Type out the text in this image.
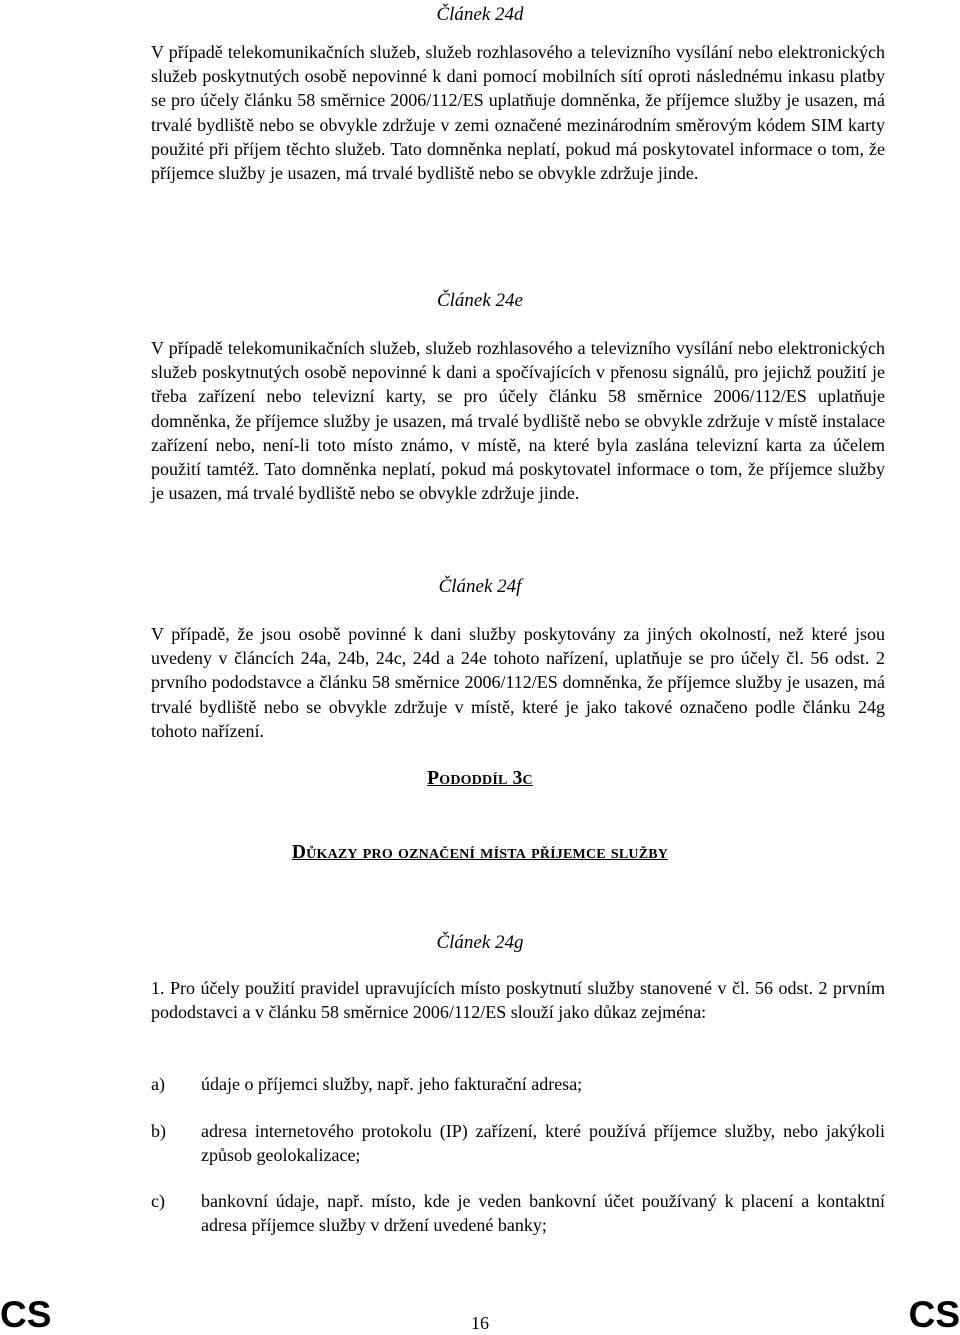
Článek 24d

V případě telekomunikačních služeb, služeb rozhlasového a televizního vysílání nebo elektronických služeb poskytnutých osobě nepovinné k dani pomocí mobilních sítí oproti následnému inkasu platby se pro účely článku 58 směrnice 2006/112/ES uplatňuje domněnka, že příjemce služby je usazen, má trvalé bydliště nebo se obvykle zdržuje v zemi označené mezinárodním směrovým kódem SIM karty použité při příjem těchto služeb. Tato domněnka neplatí, pokud má poskytovatel informace o tom, že příjemce služby je usazen, má trvalé bydliště nebo se obvykle zdržuje jinde.

Článek 24e

V případě telekomunikačních služeb, služeb rozhlasového a televizního vysílání nebo elektronických služeb poskytnutých osobě nepovinné k dani a spočívajících v přenosu signálů, pro jejichž použití je třeba zařízení nebo televizní karty, se pro účely článku 58 směrnice 2006/112/ES uplatňuje domněnka, že příjemce služby je usazen, má trvalé bydliště nebo se obvykle zdržuje v místě instalace zařízení nebo, není-li toto místo známo, v místě, na které byla zaslána televizní karta za účelem použití tamtéž. Tato domněnka neplatí, pokud má poskytovatel informace o tom, že příjemce služby je usazen, má trvalé bydliště nebo se obvykle zdržuje jinde.

Článek 24f

V případě, že jsou osobě povinné k dani služby poskytovány za jiných okolností, než které jsou uvedeny v článcích 24a, 24b, 24c, 24d a 24e tohoto nařízení, uplatňuje se pro účely čl. 56 odst. 2 prvního pododstavce a článku 58 směrnice 2006/112/ES domněnka, že příjemce služby je usazen, má trvalé bydliště nebo se obvykle zdržuje v místě, které je jako takové označeno podle článku 24g tohoto nařízení.

Pododdíl 3c
Důkazy pro označení místa příjemce služby
Článek 24g

1. Pro účely použití pravidel upravujících místo poskytnutí služby stanovené v čl. 56 odst. 2 prvním pododstavci a v článku 58 směrnice 2006/112/ES slouží jako důkaz zejména:

a) údaje o příjemci služby, např. jeho fakturační adresa;
b) adresa internetového protokolu (IP) zařízení, které používá příjemce služby, nebo jakýkoli způsob geolokalizace;
c) bankovní údaje, např. místo, kde je veden bankovní účet používaný k placení a kontaktní adresa příjemce služby v držení uvedené banky;
CS	16	CS
